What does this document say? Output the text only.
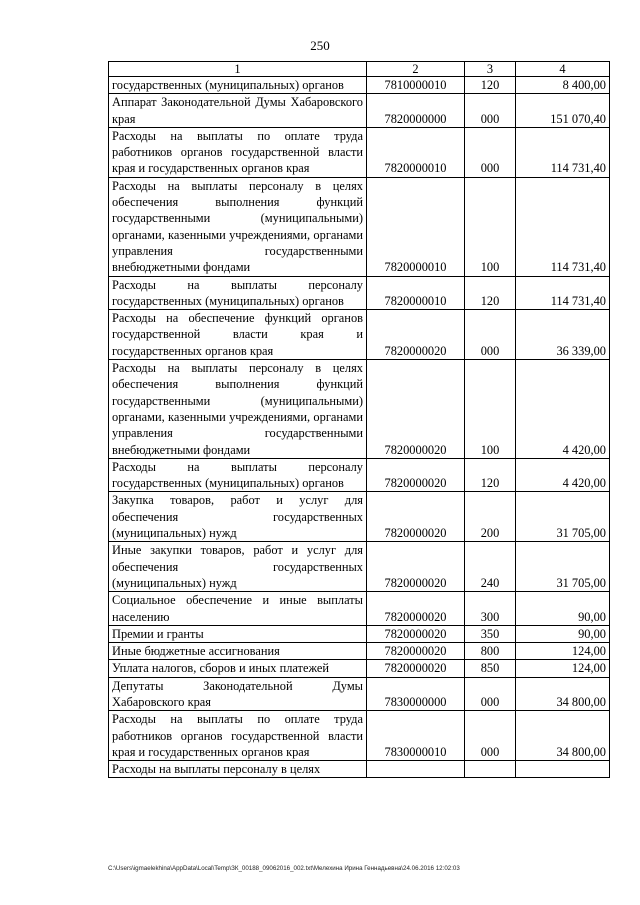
250
1	2	3	4
государственных (муниципальных) органов	7810000010	120	8 400,00
Аппарат Законодательной Думы Хабаровского края	7820000000	000	151 070,40
Расходы на выплаты по оплате труда работников органов государственной власти края и государственных органов края	7820000010	000	114 731,40
Расходы на выплаты персоналу в целях обеспечения выполнения функций государственными (муниципальными) органами, казенными учреждениями, органами управления государственными внебюджетными фондами	7820000010	100	114 731,40
Расходы на выплаты персоналу государственных (муниципальных) органов	7820000010	120	114 731,40
Расходы на обеспечение функций органов государственной власти края и государственных органов края	7820000020	000	36 339,00
Расходы на выплаты персоналу в целях обеспечения выполнения функций государственными (муниципальными) органами, казенными учреждениями, органами управления государственными внебюджетными фондами	7820000020	100	4 420,00
Расходы на выплаты персоналу государственных (муниципальных) органов	7820000020	120	4 420,00
Закупка товаров, работ и услуг для обеспечения государственных (муниципальных) нужд	7820000020	200	31 705,00
Иные закупки товаров, работ и услуг для обеспечения государственных (муниципальных) нужд	7820000020	240	31 705,00
Социальное обеспечение и иные выплаты населению	7820000020	300	90,00
Премии и гранты	7820000020	350	90,00
Иные бюджетные ассигнования	7820000020	800	124,00
Уплата налогов, сборов и иных платежей	7820000020	850	124,00
Депутаты Законодательной Думы Хабаровского края	7830000000	000	34 800,00
Расходы на выплаты по оплате труда работников органов государственной власти края и государственных органов края	7830000010	000	34 800,00
Расходы на выплаты персоналу в целях			
C:\Users\igmaelekhina\AppData\Local\Temp\ЗК_00188_09062016_002.txt\Мелехина Ирина Геннадьевна\24.06.2016 12:02:03
